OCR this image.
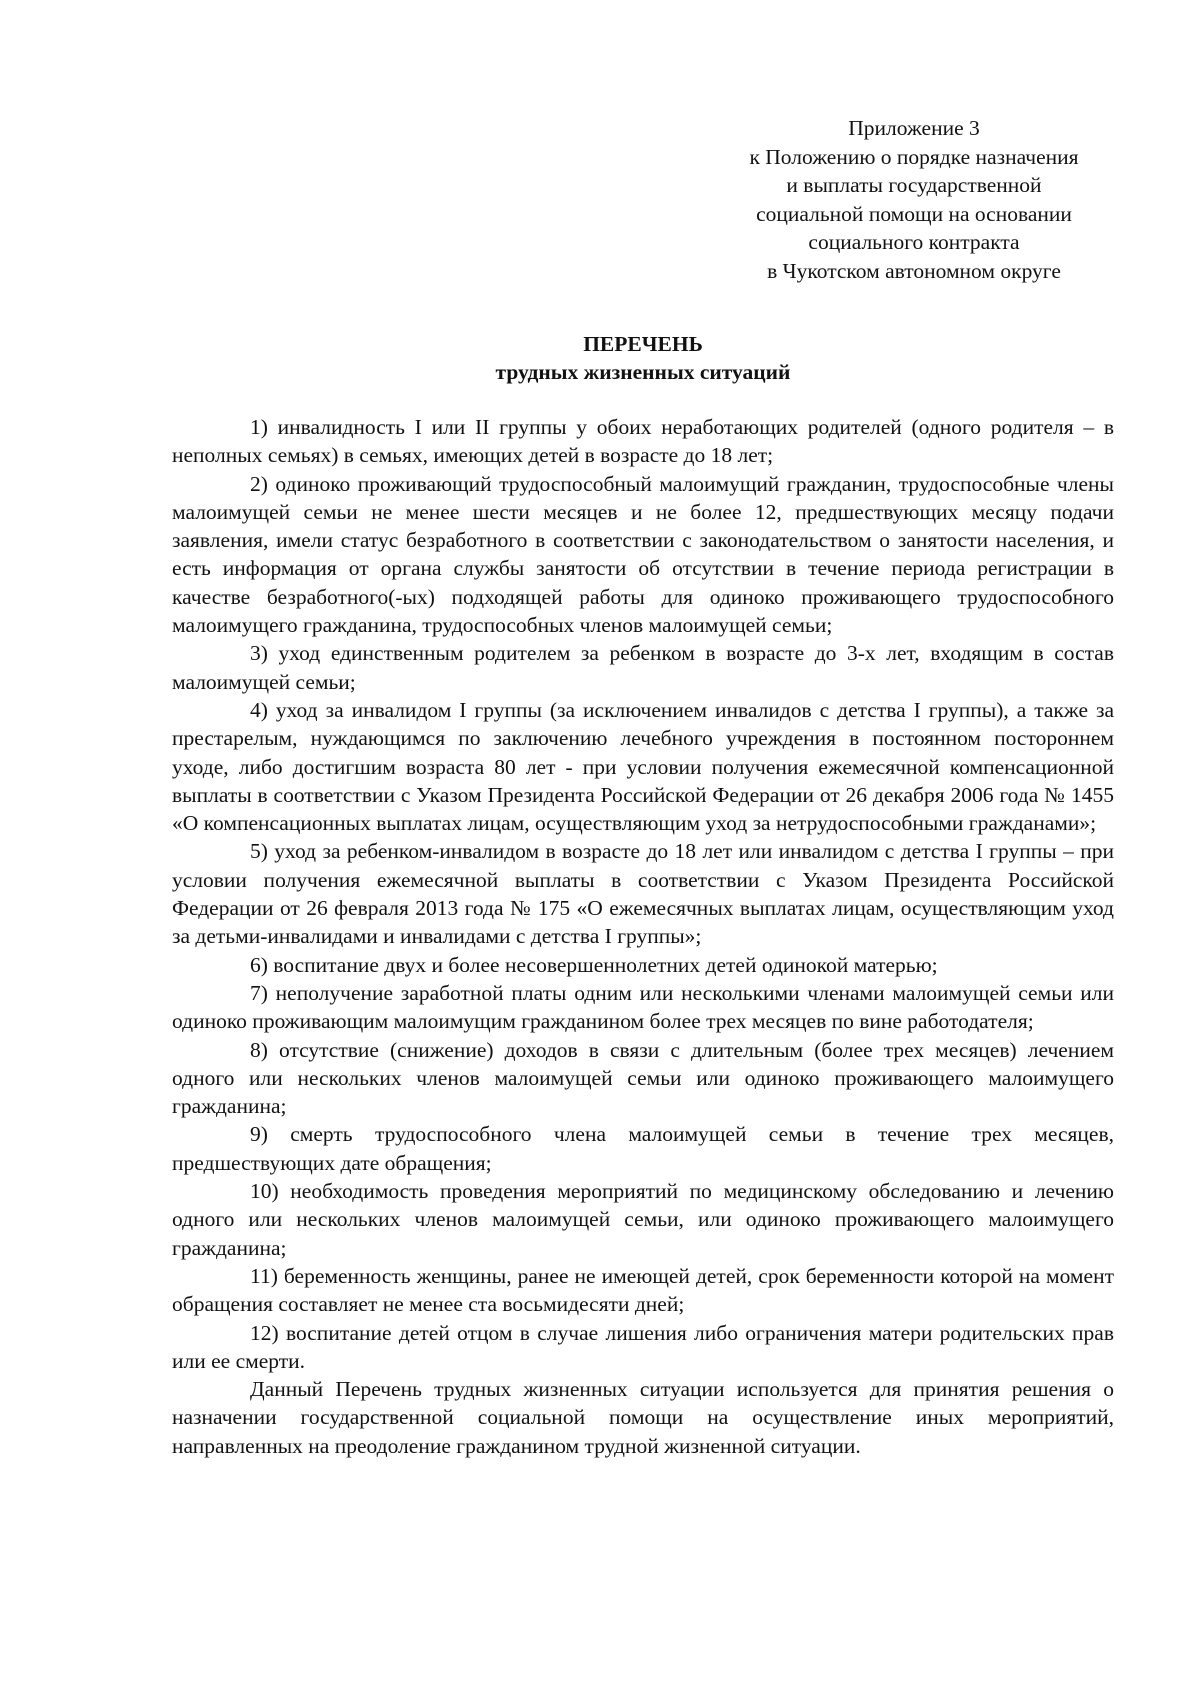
Приложение 3
к Положению о порядке назначения
и выплаты государственной
социальной помощи на основании
социального контракта
в Чукотском автономном округе
ПЕРЕЧЕНЬ
трудных жизненных ситуаций

1) инвалидность I или II группы у обоих неработающих родителей (одного родителя – в неполных семьях) в семьях, имеющих детей в возрасте до 18 лет;

2) одиноко проживающий трудоспособный малоимущий гражданин, трудоспособные члены малоимущей семьи не менее шести месяцев и не более 12, предшествующих месяцу подачи заявления, имели статус безработного в соответствии с законодательством о занятости населения, и есть информация от органа службы занятости об отсутствии в течение периода регистрации в качестве безработного(-ых) подходящей работы для одиноко проживающего трудоспособного малоимущего гражданина, трудоспособных членов малоимущей семьи;

3) уход единственным родителем за ребенком в возрасте до 3-х лет, входящим в состав малоимущей семьи;

4) уход за инвалидом I группы (за исключением инвалидов с детства I группы), а также за престарелым, нуждающимся по заключению лечебного учреждения в постоянном постороннем уходе, либо достигшим возраста 80 лет - при условии получения ежемесячной компенсационной выплаты в соответствии с Указом Президента Российской Федерации от 26 декабря 2006 года № 1455 «О компенсационных выплатах лицам, осуществляющим уход за нетрудоспособными гражданами»;

5) уход за ребенком-инвалидом в возрасте до 18 лет или инвалидом с детства I группы – при условии получения ежемесячной выплаты в соответствии с Указом Президента Российской Федерации от 26 февраля 2013 года № 175 «О ежемесячных выплатах лицам, осуществляющим уход за детьми-инвалидами и инвалидами с детства I группы»;

6) воспитание двух и более несовершеннолетних детей одинокой матерью;

7) неполучение заработной платы одним или несколькими членами малоимущей семьи или одиноко проживающим малоимущим гражданином более трех месяцев по вине работодателя;

8) отсутствие (снижение) доходов в связи с длительным (более трех месяцев) лечением одного или нескольких членов малоимущей семьи или одиноко проживающего малоимущего гражданина;

9) смерть трудоспособного члена малоимущей семьи в течение трех месяцев, предшествующих дате обращения;

10) необходимость проведения мероприятий по медицинскому обследованию и лечению одного или нескольких членов малоимущей семьи, или одиноко проживающего малоимущего гражданина;

11) беременность женщины, ранее не имеющей детей, срок беременности которой на момент обращения составляет не менее ста восьмидесяти дней;

12) воспитание детей отцом в случае лишения либо ограничения матери родительских прав или ее смерти.

Данный Перечень трудных жизненных ситуации используется для принятия решения о назначении государственной социальной помощи на осуществление иных мероприятий, направленных на преодоление гражданином трудной жизненной ситуации.
